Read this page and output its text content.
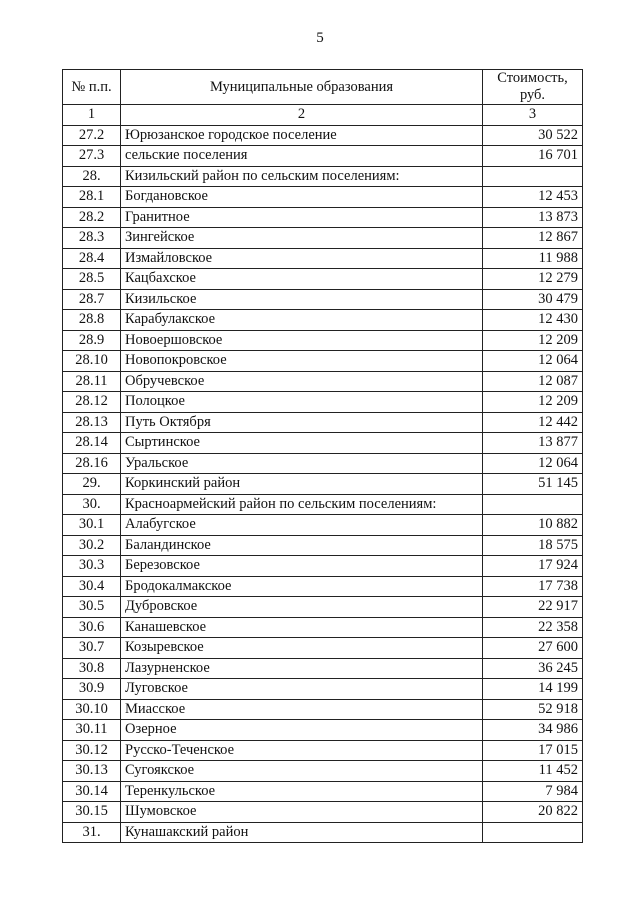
5
№ п.п.	Муниципальные образования	Стоимость,
руб.
1	2	3
27.2	Юрюзанское городское поселение	30 522
27.3	сельские поселения	16 701
28.	Кизильский район по сельским поселениям:	
28.1	Богдановское	12 453
28.2	Гранитное	13 873
28.3	Зингейское	12 867
28.4	Измайловское	11 988
28.5	Кацбахское	12 279
28.7	Кизильское	30 479
28.8	Карабулакское	12 430
28.9	Новоершовское	12 209
28.10	Новопокровское	12 064
28.11	Обручевское	12 087
28.12	Полоцкое	12 209
28.13	Путь Октября	12 442
28.14	Сыртинское	13 877
28.16	Уральское	12 064
29.	Коркинский район	51 145
30.	Красноармейский район по сельским поселениям:	
30.1	Алабугское	10 882
30.2	Баландинское	18 575
30.3	Березовское	17 924
30.4	Бродокалмакское	17 738
30.5	Дубровское	22 917
30.6	Канашевское	22 358
30.7	Козыревское	27 600
30.8	Лазурненское	36 245
30.9	Луговское	14 199
30.10	Миасское	52 918
30.11	Озерное	34 986
30.12	Русско-Теченское	17 015
30.13	Сугоякское	11 452
30.14	Теренкульское	7 984
30.15	Шумовское	20 822
31.	Кунашакский район	
